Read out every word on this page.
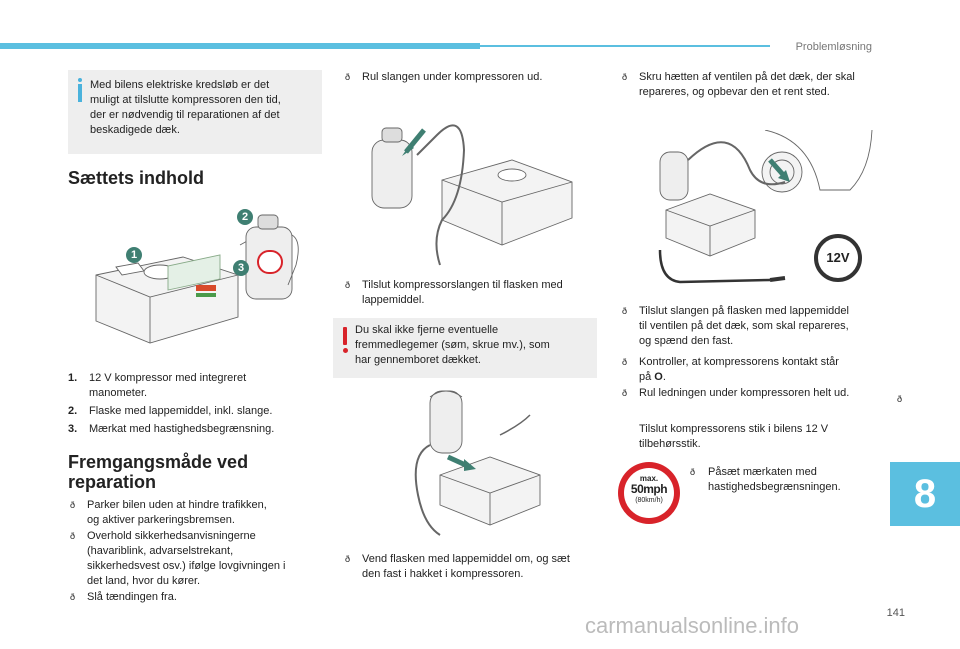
Problemløsning
Med bilens elektriske kredsløb er det
muligt at tilslutte kompressoren den tid,
der er nødvendig til reparationen af det
beskadigede dæk.
Sættets indhold
1
2
3
1. 12 V kompressor med integreret
manometer.
2. Flaske med lappemiddel, inkl. slange.
3. Mærkat med hastighedsbegrænsning.
Fremgangsmåde ved
reparation
ð
Parker bilen uden at hindre trafikken,
og aktiver parkeringsbremsen.
ð
Overhold sikkerhedsanvisningerne
(havariblink, advarselstrekant,
sikkerhedsvest osv.) ifølge lovgivningen i
det land, hvor du kører.
ð
Slå tændingen fra.
ð
Rul slangen under kompressoren ud.
ð
Tilslut kompressorslangen til flasken med
lappemiddel.
Du skal ikke fjerne eventuelle
fremmedlegemer (søm, skrue mv.), som
har gennemboret dækket.
ð
Vend flasken med lappemiddel om, og sæt
den fast i hakket i kompressoren.
ð
Skru hætten af ventilen på det dæk, der skal
repareres, og opbevar den et rent sted.
12V
ð
Tilslut slangen på flasken med lappemiddel
til ventilen på det dæk, som skal repareres,
og spænd den fast.
ð
Kontroller, at kompressorens kontakt står
på O.
ð
Rul ledningen under kompressoren helt ud.
ð
Tilslut kompressorens stik i bilens 12 V
tilbehørsstik.
max.
50mph
(80km/h)
ð
Påsæt mærkaten med
hastighedsbegrænsningen.	8
141
carmanualsonline.info
